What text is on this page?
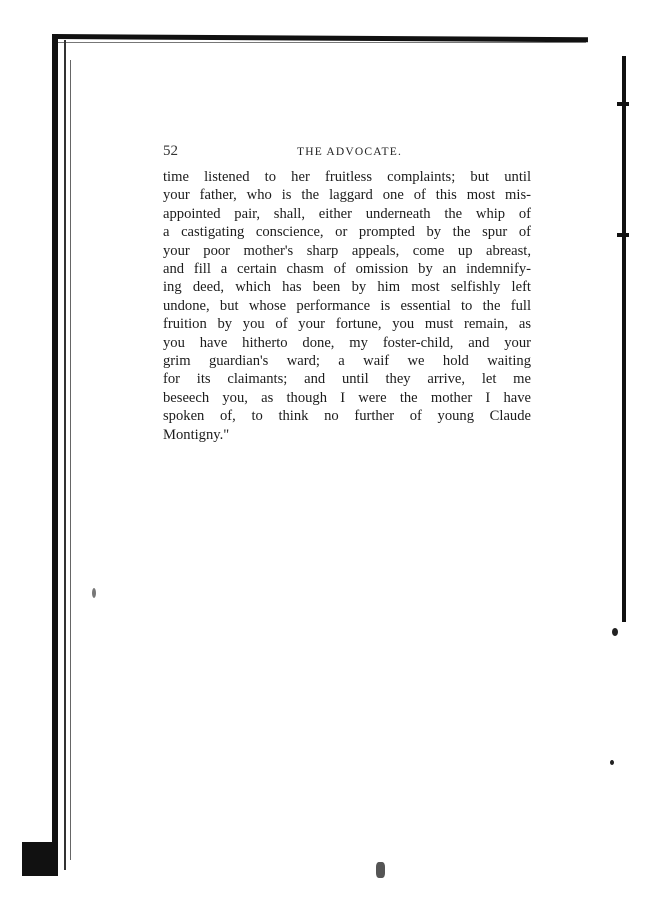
52	THE ADVOCATE.
time listened to her fruitless complaints; but until
your father, who is the laggard one of this most mis-
appointed pair, shall, either underneath the whip of
a castigating conscience, or prompted by the spur of
your poor mother's sharp appeals, come up abreast,
and fill a certain chasm of omission by an indemnify-
ing deed, which has been by him most selfishly left
undone, but whose performance is essential to the full
fruition by you of your fortune, you must remain, as
you have hitherto done, my foster-child, and your
grim guardian's ward; a waif we hold waiting
for its claimants; and until they arrive, let me
beseech you, as though I were the mother I have
spoken of, to think no further of young Claude
Montigny."
